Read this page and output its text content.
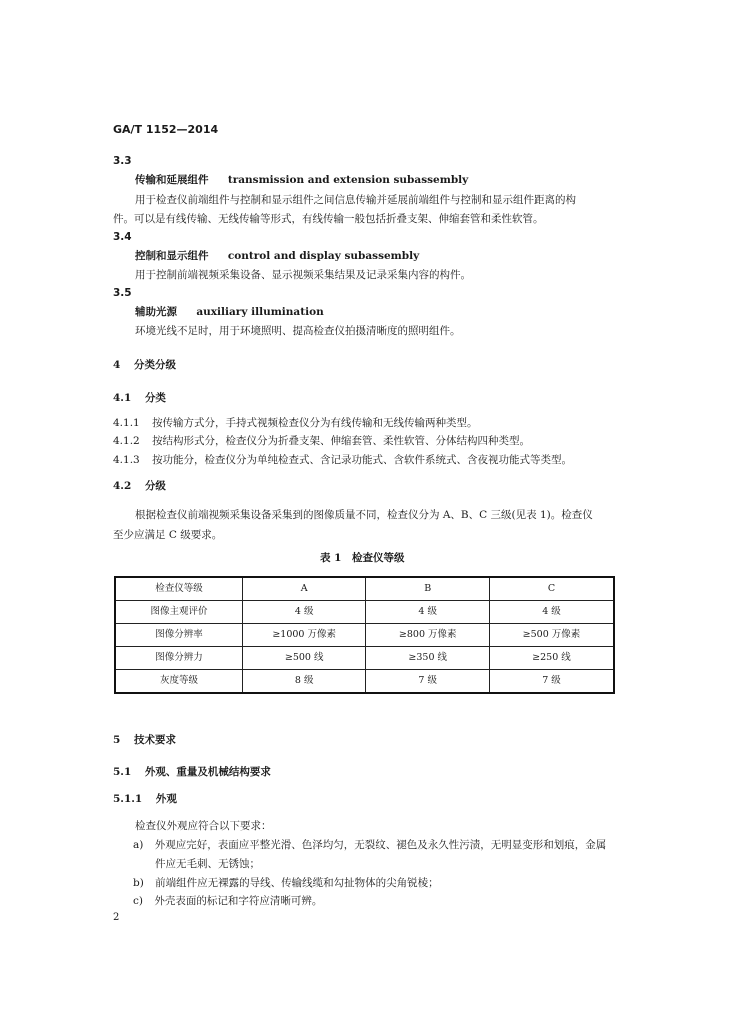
GA/T 1152—2014
3.3
传输和延展组件 transmission and extension subassembly
用于检查仪前端组件与控制和显示组件之间信息传输并延展前端组件与控制和显示组件距离的构
件。可以是有线传输、无线传输等形式，有线传输一般包括折叠支架、伸缩套管和柔性软管。
3.4
控制和显示组件 control and display subassembly
用于控制前端视频采集设备、显示视频采集结果及记录采集内容的构件。
3.5
辅助光源 auxiliary illumination
环境光线不足时，用于环境照明、提高检查仪拍摄清晰度的照明组件。
4 分类分级
4.1 分类
4.1.1 按传输方式分，手持式视频检查仪分为有线传输和无线传输两种类型。
4.1.2 按结构形式分，检查仪分为折叠支架、伸缩套管、柔性软管、分体结构四种类型。
4.1.3 按功能分，检查仪分为单纯检查式、含记录功能式、含软件系统式、含夜视功能式等类型。
4.2 分级
根据检查仪前端视频采集设备采集到的图像质量不同，检查仪分为 A、B、C 三级(见表 1)。检查仪
至少应满足 C 级要求。
表 1　检查仪等级
检查仪等级	A	B	C
图像主观评价	4 级	4 级	4 级
图像分辨率	≥1000 万像素	≥800 万像素	≥500 万像素
图像分辨力	≥500 线	≥350 线	≥250 线
灰度等级	8 级	7 级	7 级
5 技术要求
5.1 外观、重量及机械结构要求
5.1.1 外观
检查仪外观应符合以下要求：
a) 外观应完好，表面应平整光滑、色泽均匀，无裂纹、褪色及永久性污渍，无明显变形和划痕，金属
件应无毛刺、无锈蚀；
b) 前端组件应无裸露的导线、传输线缆和勾扯物体的尖角锐棱；
c) 外壳表面的标记和字符应清晰可辨。
2
